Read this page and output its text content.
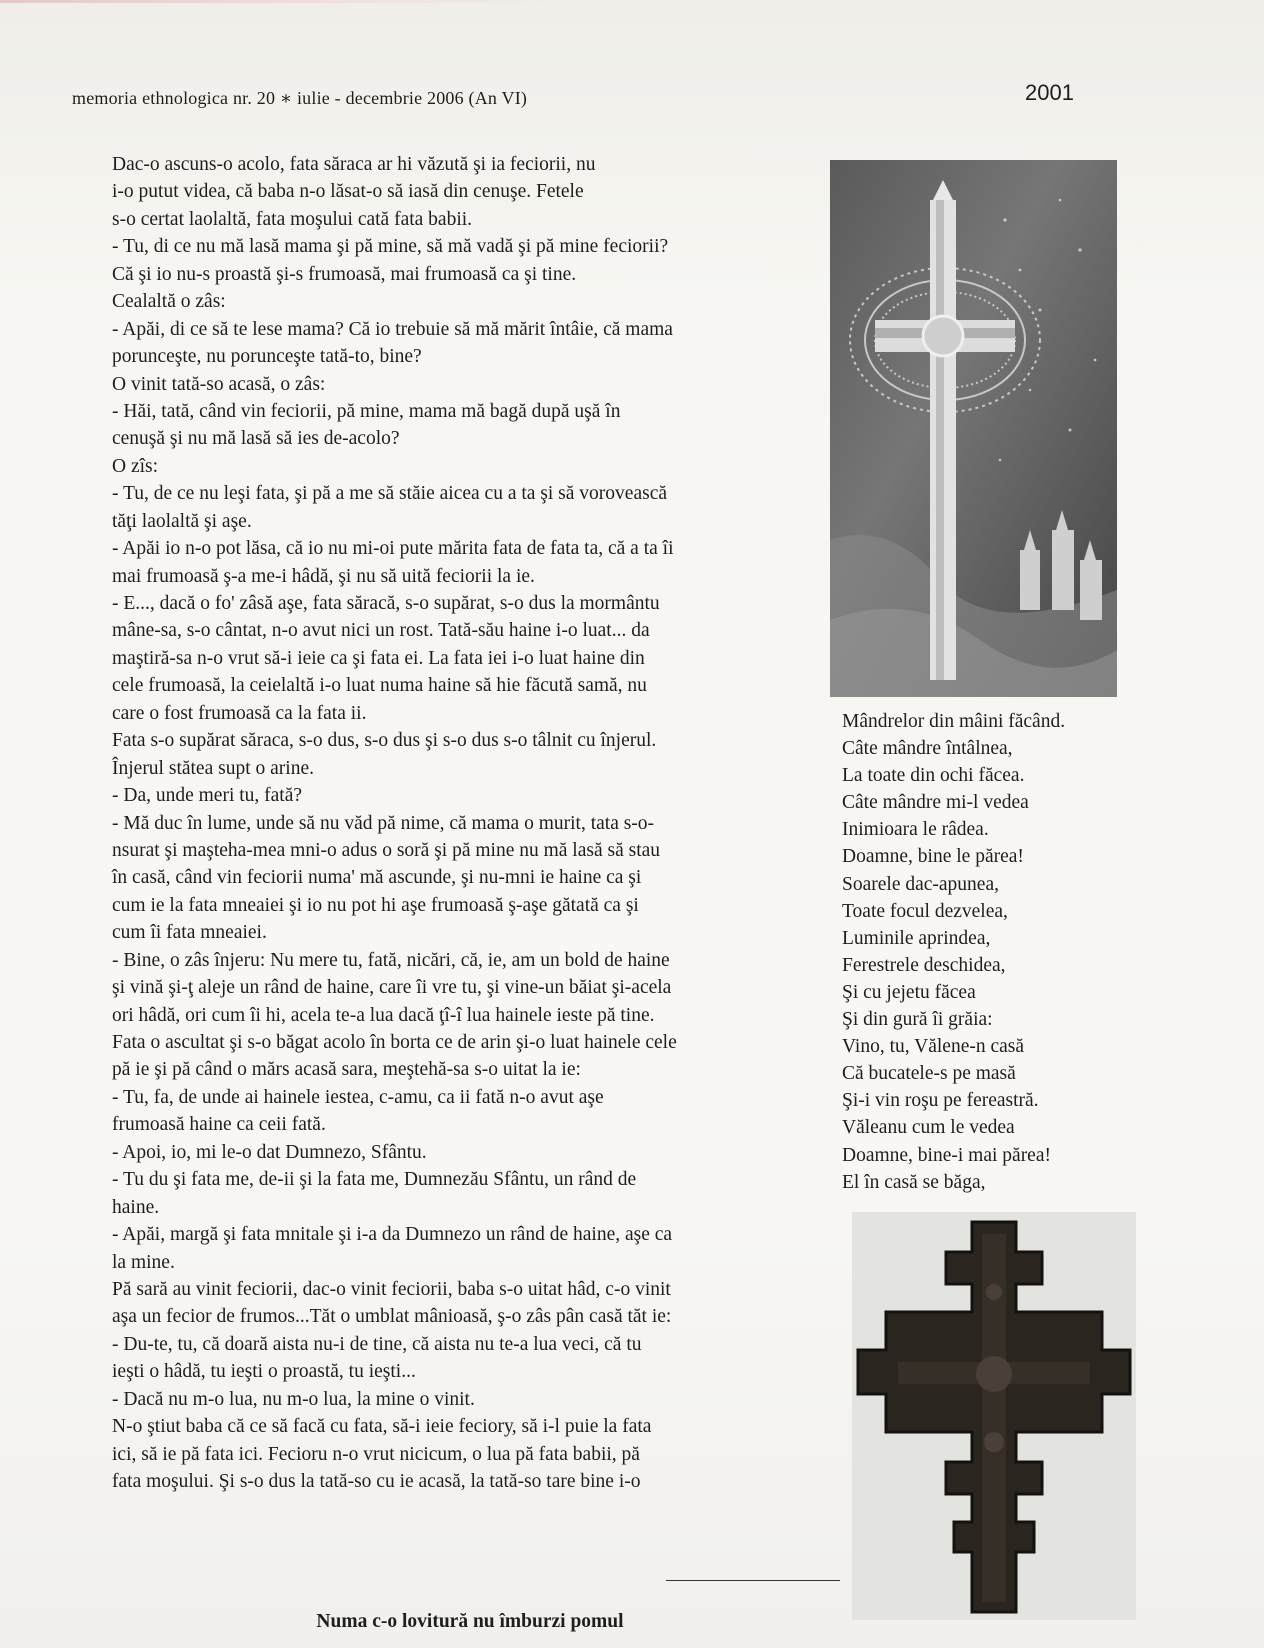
memoria ethnologica nr. 20 ∗ iulie - decembrie 2006 (An VI)	2001
Dac-o ascuns-o acolo, fata săraca ar hi văzută şi ia feciorii, nu
i-o putut videa, că baba n-o lăsat-o să iasă din cenuşe. Fetele
s-o certat laolaltă, fata moşului cată fata babii.
- Tu, di ce nu mă lasă mama şi pă mine, să mă vadă şi pă mine feciorii?
Că şi io nu-s proastă şi-s frumoasă, mai frumoasă ca şi tine.
Cealaltă o zâs:
- Apăi, di ce să te lese mama? Că io trebuie să mă mărit întâie, că mama
porunceşte, nu porunceşte tată-to, bine?
O vinit tată-so acasă, o zâs:
- Hăi, tată, când vin feciorii, pă mine, mama mă bagă după uşă în
cenuşă şi nu mă lasă să ies de-acolo?
O zîs:
- Tu, de ce nu leşi fata, şi pă a me să stăie aicea cu a ta şi să vorovească
tăţi laolaltă şi aşe.
- Apăi io n-o pot lăsa, că io nu mi-oi pute mărita fata de fata ta, că a ta îi
mai frumoasă ş-a me-i hâdă, şi nu să uită feciorii la ie.
- E..., dacă o fo' zâsă aşe, fata săracă, s-o supărat, s-o dus la mormântu
mâne-sa, s-o cântat, n-o avut nici un rost. Tată-său haine i-o luat... da
maştiră-sa n-o vrut să-i ieie ca şi fata ei. La fata iei i-o luat haine din
cele frumoasă, la ceielaltă i-o luat numa haine să hie făcută samă, nu
care o fost frumoasă ca la fata ii.
Fata s-o supărat săraca, s-o dus, s-o dus şi s-o dus s-o tâlnit cu înjerul.
Înjerul stătea supt o arine.
- Da, unde meri tu, fată?
- Mă duc în lume, unde să nu văd pă nime, că mama o murit, tata s-o-
nsurat şi maşteha-mea mni-o adus o soră şi pă mine nu mă lasă să stau
în casă, când vin feciorii numa' mă ascunde, şi nu-mni ie haine ca şi
cum ie la fata mneaiei şi io nu pot hi aşe frumoasă ş-aşe gătată ca şi
cum îi fata mneaiei.
- Bine, o zâs înjeru: Nu mere tu, fată, nicări, că, ie, am un bold de haine
şi vină şi-ţ aleje un rând de haine, care îi vre tu, şi vine-un băiat şi-acela
ori hâdă, ori cum îi hi, acela te-a lua dacă ţî-î lua hainele ieste pă tine.
Fata o ascultat şi s-o băgat acolo în borta ce de arin şi-o luat hainele cele
pă ie şi pă când o mărs acasă sara, meştehă-sa s-o uitat la ie:
- Tu, fa, de unde ai hainele iestea, c-amu, ca ii fată n-o avut aşe
frumoasă haine ca ceii fată.
- Apoi, io, mi le-o dat Dumnezo, Sfântu.
- Tu du şi fata me, de-ii şi la fata me, Dumnezău Sfântu, un rând de
haine.
- Apăi, margă şi fata mnitale şi i-a da Dumnezo un rând de haine, aşe ca
la mine.
Pă sară au vinit feciorii, dac-o vinit feciorii, baba s-o uitat hâd, c-o vinit
aşa un fecior de frumos...Tăt o umblat mânioasă, ş-o zâs pân casă tăt ie:
- Du-te, tu, că doară aista nu-i de tine, că aista nu te-a lua veci, că tu
ieşti o hâdă, tu ieşti o proastă, tu ieşti...
- Dacă nu m-o lua, nu m-o lua, la mine o vinit.
N-o ştiut baba că ce să facă cu fata, să-i ieie feciorу, să i-l puie la fata
ici, să ie pă fata ici. Fecioru n-o vrut nicicum, o lua pă fata babii, pă
fata moşului. Şi s-o dus la tată-so cu ie acasă, la tată-so tare bine i-o
Mândrelor din mâini făcând.
Câte mândre întâlnea,
La toate din ochi făcea.
Câte mândre mi-l vedea
Inimioara le râdea.
Doamne, bine le părea!
Soarele dac-apunea,
Toate focul dezvelea,
Luminile aprindea,
Ferestrele deschidea,
Şi cu jejetu făcea
Şi din gură îi grăia:
Vino, tu, Vălene-n casă
Că bucatele-s pe masă
Şi-i vin roşu pe fereastră.
Văleanu cum le vedea
Doamne, bine-i mai părea!
El în casă se băga,
Numa c-o lovitură nu îmburzi pomul
